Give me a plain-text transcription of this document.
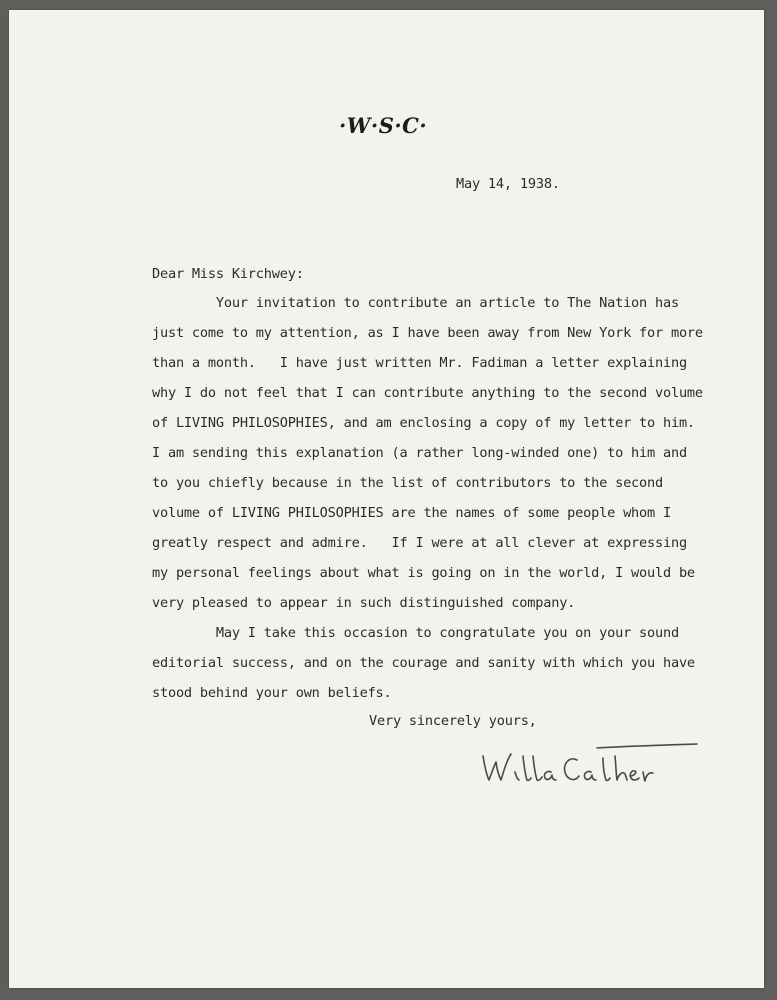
·W·S·C·
May 14, 1938.
Dear Miss Kirchwey:
Your invitation to contribute an article to The Nation has
just come to my attention, as I have been away from New York for more
than a month.   I have just written Mr. Fadiman a letter explaining
why I do not feel that I can contribute anything to the second volume
of LIVING PHILOSOPHIES, and am enclosing a copy of my letter to him.
I am sending this explanation (a rather long-winded one) to him and
to you chiefly because in the list of contributors to the second
volume of LIVING PHILOSOPHIES are the names of some people whom I
greatly respect and admire.   If I were at all clever at expressing
my personal feelings about what is going on in the world, I would be
very pleased to appear in such distinguished company.
May I take this occasion to congratulate you on your sound
editorial success, and on the courage and sanity with which you have
stood behind your own beliefs.
Very sincerely yours,
